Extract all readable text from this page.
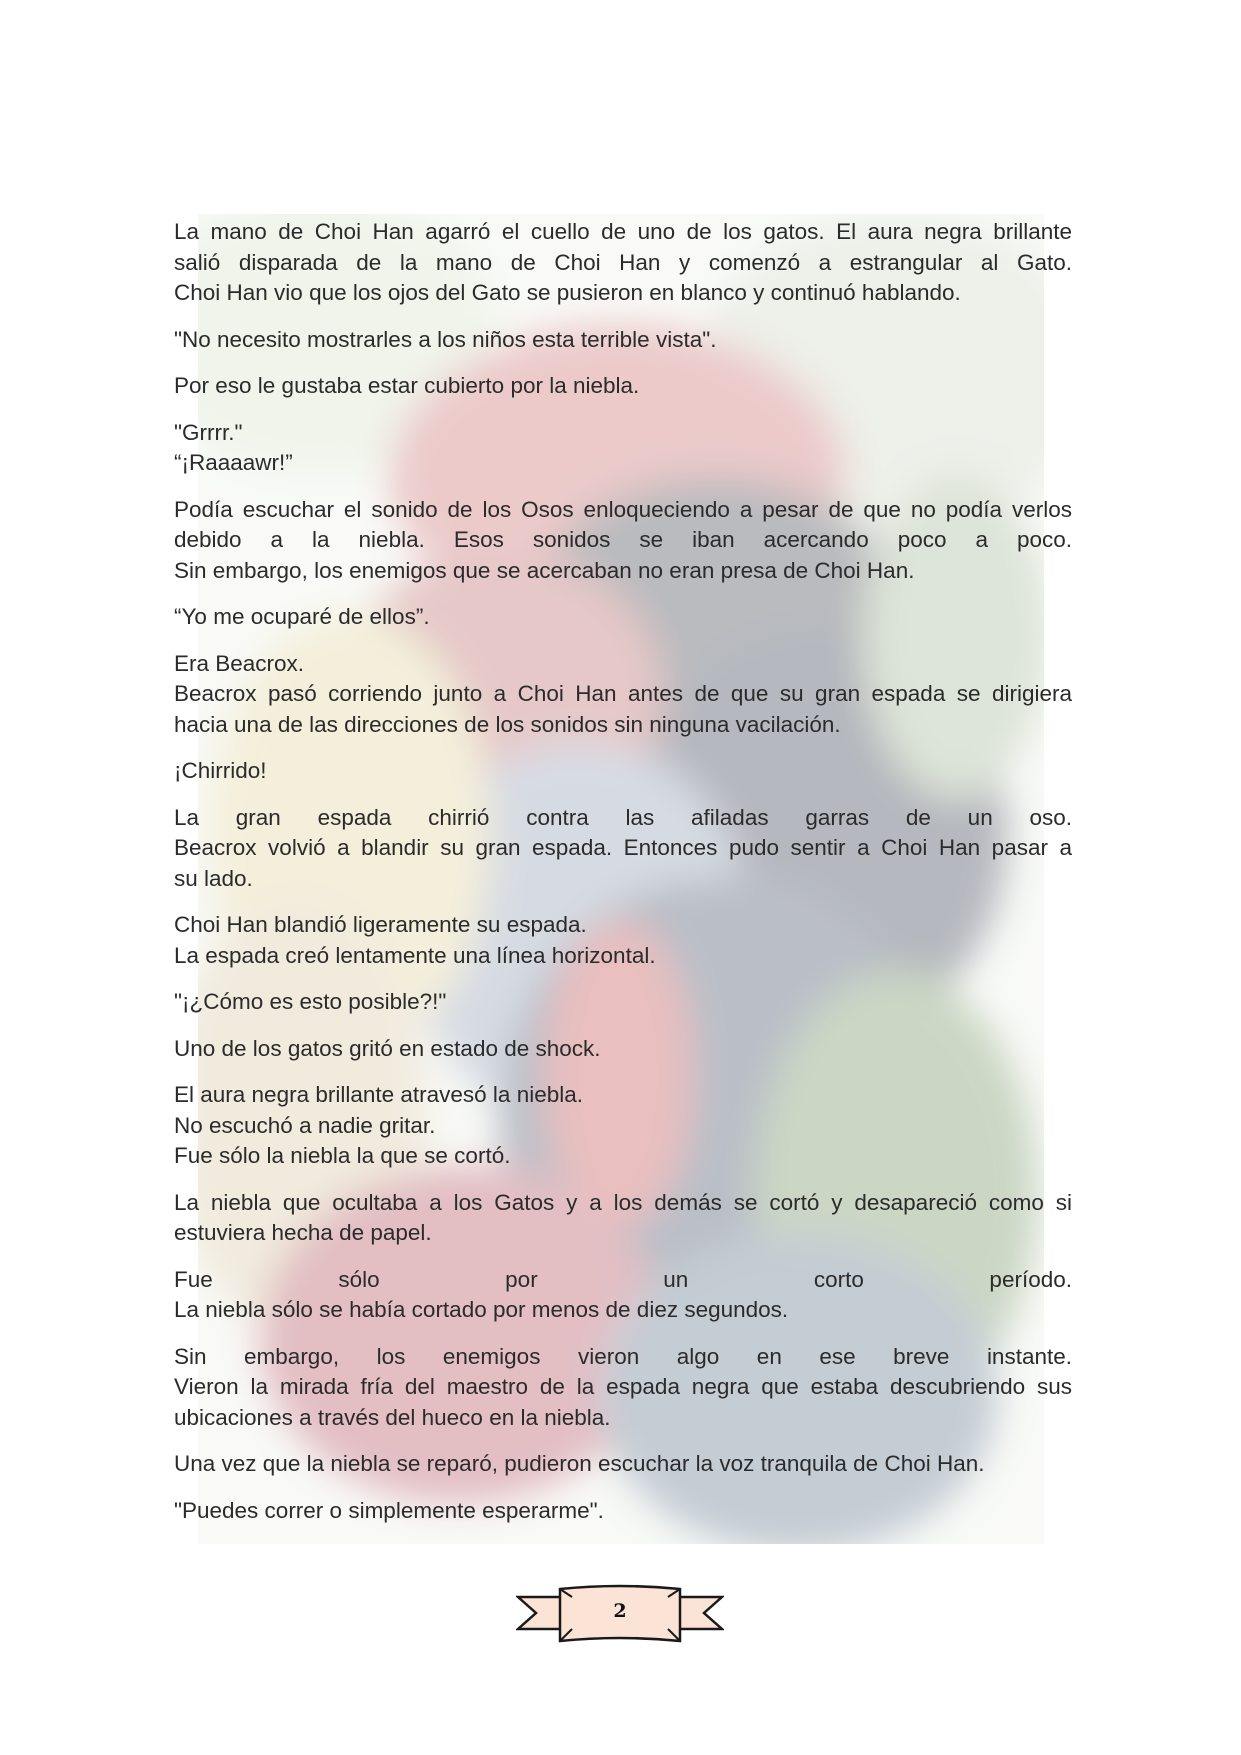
La mano de Choi Han agarró el cuello de uno de los gatos. El aura negra brillante
salió disparada de la mano de Choi Han y comenzó a estrangular al Gato.
Choi Han vio que los ojos del Gato se pusieron en blanco y continuó hablando.
"No necesito mostrarles a los niños esta terrible vista".
Por eso le gustaba estar cubierto por la niebla.
"Grrrr."
“¡Raaaawr!”
Podía escuchar el sonido de los Osos enloqueciendo a pesar de que no podía verlos
debido a la niebla. Esos sonidos se iban acercando poco a poco.
Sin embargo, los enemigos que se acercaban no eran presa de Choi Han.
“Yo me ocuparé de ellos”.
Era Beacrox.
Beacrox pasó corriendo junto a Choi Han antes de que su gran espada se dirigiera
hacia una de las direcciones de los sonidos sin ninguna vacilación.
¡Chirrido!
La gran espada chirrió contra las afiladas garras de un oso.
Beacrox volvió a blandir su gran espada. Entonces pudo sentir a Choi Han pasar a
su lado.
Choi Han blandió ligeramente su espada.
La espada creó lentamente una línea horizontal.
"¡¿Cómo es esto posible?!"
Uno de los gatos gritó en estado de shock.
El aura negra brillante atravesó la niebla.
No escuchó a nadie gritar.
Fue sólo la niebla la que se cortó.
La niebla que ocultaba a los Gatos y a los demás se cortó y desapareció como si
estuviera hecha de papel.
Fue sólo por un corto período.
La niebla sólo se había cortado por menos de diez segundos.
Sin embargo, los enemigos vieron algo en ese breve instante.
Vieron la mirada fría del maestro de la espada negra que estaba descubriendo sus
ubicaciones a través del hueco en la niebla.
Una vez que la niebla se reparó, pudieron escuchar la voz tranquila de Choi Han.
"Puedes correr o simplemente esperarme".
2
